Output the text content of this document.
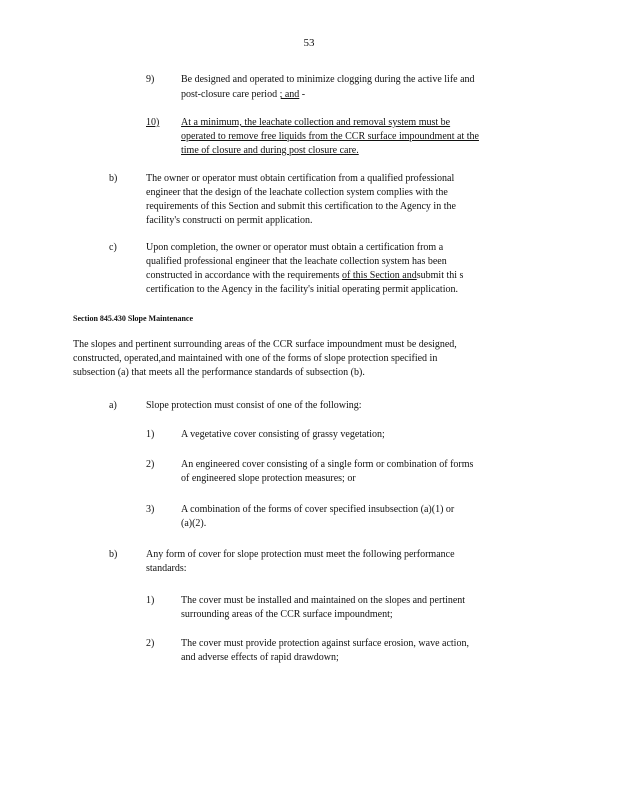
53
9)	Be designed and operated to minimize clogging during the active life and
post-closure care period ; and -
10) At a minimum, the leachate collection and removal system must be
operated to remove free liquids from the CCR surface impoundment at the
time of closure and during post closure care.
b)	The owner or operator must obtain certification from a qualified professional
engineer that the design of the leachate collection system complies with the
requirements of this Section and submit this certification to the Agency in the
facility's constructi on permit application.
c)	Upon completion, the owner or operator must obtain a certification from a
qualified professional engineer that the leachate collection system has been
constructed in accordance with the requirements of this Section andsubmit thi s
certification to the Agency in the facility's initial operating permit application.
Section 845.430 Slope Maintenance
The slopes and pertinent surrounding areas of the CCR surface impoundment must be designed,
constructed, operated,and maintained with one of the forms of slope protection specified in
subsection (a) that meets all the performance standards of subsection (b).
a)	Slope protection must consist of one of the following:
1)	A vegetative cover consisting of grassy vegetation;
2)	An engineered cover consisting of a single form or combination of forms
of engineered slope protection measures; or
3)	A combination of the forms of cover specified insubsection (a)(1) or
(a)(2).
b)	Any form of cover for slope protection must meet the following performance
standards:
1)	The cover must be installed and maintained on the slopes and pertinent
surrounding areas of the CCR surface impoundment;
2)	The cover must provide protection against surface erosion, wave action,
and adverse effects of rapid drawdown;
